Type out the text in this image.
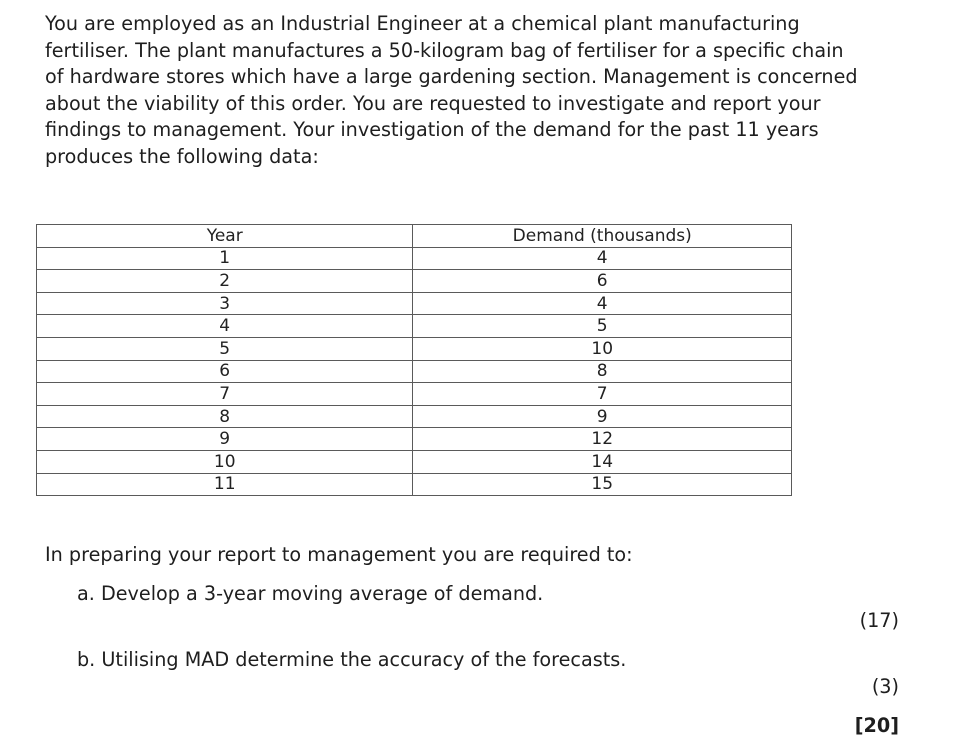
You are employed as an Industrial Engineer at a chemical plant manufacturing
fertiliser. The plant manufactures a 50-kilogram bag of fertiliser for a specific chain
of hardware stores which have a large gardening section. Management is concerned
about the viability of this order. You are requested to investigate and report your
findings to management. Your investigation of the demand for the past 11 years
produces the following data:
Year	Demand (thousands)
1	4
2	6
3	4
4	5
5	10
6	8
7	7
8	9
9	12
10	14
11	15

In preparing your report to management you are required to:

a. Develop a 3-year moving average of demand.
(17)
b. Utilising MAD determine the accuracy of the forecasts.
(3)
[20]
